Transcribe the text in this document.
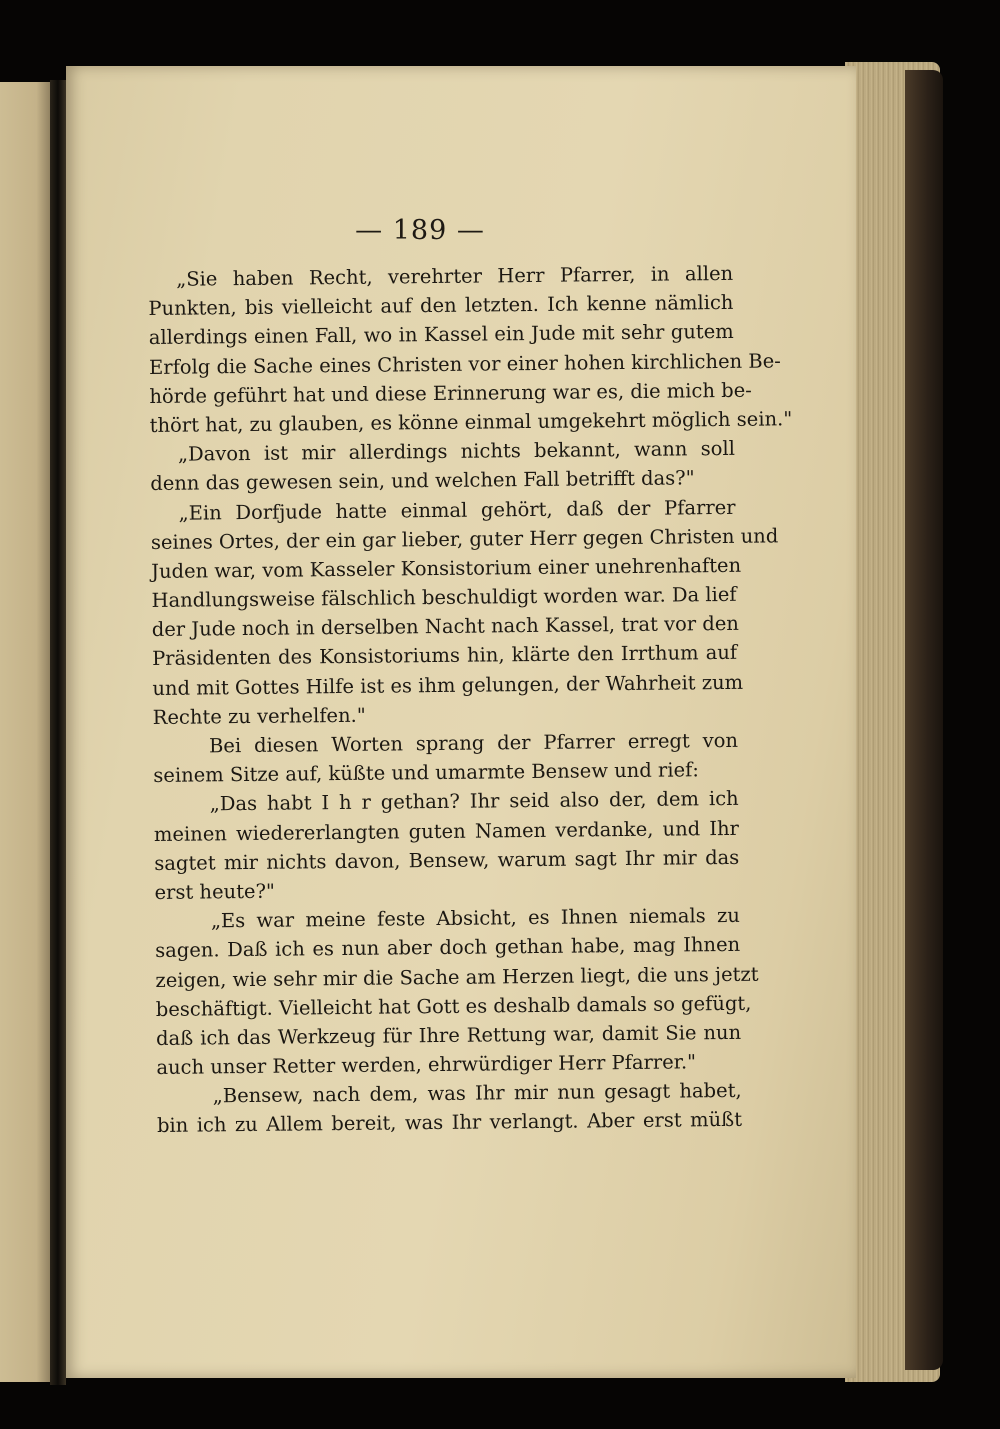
— 189 —
„Sie haben Recht, verehrter Herr Pfarrer, in allen
Punkten, bis vielleicht auf den letzten. Ich kenne nämlich
allerdings einen Fall, wo in Kassel ein Jude mit sehr gutem
Erfolg die Sache eines Christen vor einer hohen kirchlichen Be-
hörde geführt hat und diese Erinnerung war es, die mich be-
thört hat, zu glauben, es könne einmal umgekehrt möglich sein."
„Davon ist mir allerdings nichts bekannt, wann soll
denn das gewesen sein, und welchen Fall betrifft das?"
„Ein Dorfjude hatte einmal gehört, daß der Pfarrer
seines Ortes, der ein gar lieber, guter Herr gegen Christen und
Juden war, vom Kasseler Konsistorium einer unehrenhaften
Handlungsweise fälschlich beschuldigt worden war. Da lief
der Jude noch in derselben Nacht nach Kassel, trat vor den
Präsidenten des Konsistoriums hin, klärte den Irrthum auf
und mit Gottes Hilfe ist es ihm gelungen, der Wahrheit zum
Rechte zu verhelfen."
Bei diesen Worten sprang der Pfarrer erregt von
seinem Sitze auf, küßte und umarmte Bensew und rief:
„Das habt I h r gethan? Ihr seid also der, dem ich
meinen wiedererlangten guten Namen verdanke, und Ihr
sagtet mir nichts davon, Bensew, warum sagt Ihr mir das
erst heute?"
„Es war meine feste Absicht, es Ihnen niemals zu
sagen. Daß ich es nun aber doch gethan habe, mag Ihnen
zeigen, wie sehr mir die Sache am Herzen liegt, die uns jetzt
beschäftigt. Vielleicht hat Gott es deshalb damals so gefügt,
daß ich das Werkzeug für Ihre Rettung war, damit Sie nun
auch unser Retter werden, ehrwürdiger Herr Pfarrer."
„Bensew, nach dem, was Ihr mir nun gesagt habet,
bin ich zu Allem bereit, was Ihr verlangt. Aber erst müßt
